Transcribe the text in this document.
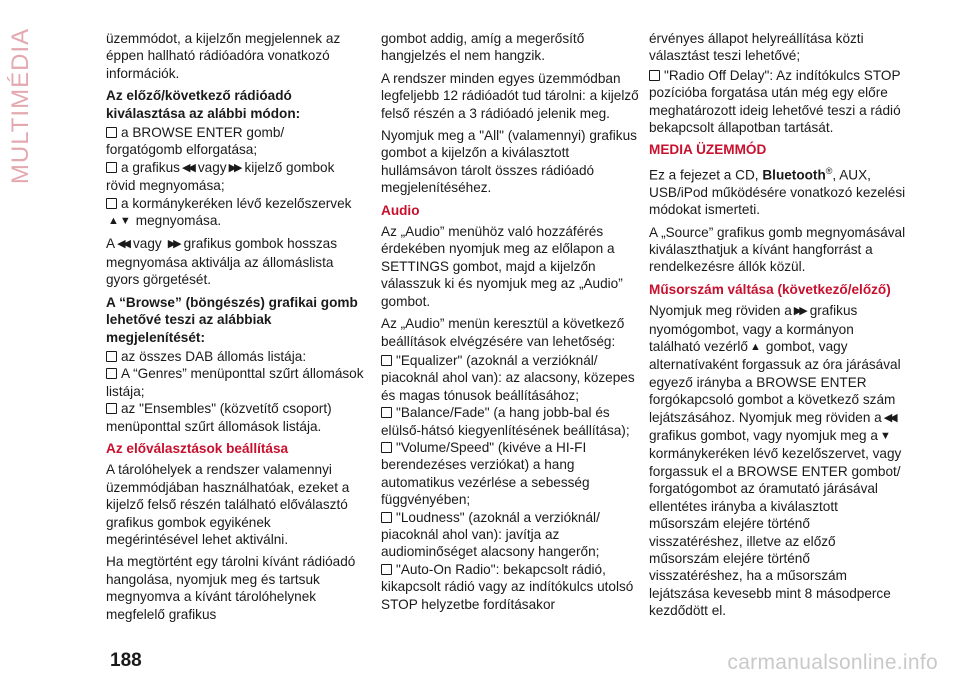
MULTIMÉDIA	üzemmódot, a kijelzőn megjelennek az éppen hallható rádióadóra vonatkozó információk.

Az előző/következő rádióadó kiválasztása az alábbi módon:

a BROWSE ENTER gomb/ forgatógomb elforgatása;
a grafikus ◀◀ vagy ▶▶ kijelző gombok rövid megnyomása;
a kormánykeréken lévő kezelőszervek
▲▼ megnyomása.

A ◀◀ vagy ▶▶ grafikus gombok hosszas megnyomása aktiválja az állomáslista gyors görgetését.

A “Browse” (böngészés) grafikai gomb lehetővé teszi az alábbiak megjelenítését:

az összes DAB állomás listája:
A “Genres” menüponttal szűrt állomások listája;
az "Ensembles" (közvetítő csoport) menüponttal szűrt állomások listája.

Az előválasztások beállítása

A tárolóhelyek a rendszer valamennyi üzemmódjában használhatóak, ezeket a kijelző felső részén található előválasztó grafikus gombok egyikének megérintésével lehet aktiválni.

Ha megtörtént egy tárolni kívánt rádióadó hangolása, nyomjuk meg és tartsuk megnyomva a kívánt tárolóhelynek megfelelő grafikus

gombot addig, amíg a megerősítő hangjelzés el nem hangzik.

A rendszer minden egyes üzemmódban legfeljebb 12 rádióadót tud tárolni: a kijelző felső részén a 3 rádióadó jelenik meg.

Nyomjuk meg a "All" (valamennyi) grafikus gombot a kijelzőn a kiválasztott hullámsávon tárolt összes rádióadó megjelenítéséhez.

Audio

Az „Audio” menühöz való hozzáférés érdekében nyomjuk meg az előlapon a SETTINGS gombot, majd a kijelzőn válasszuk ki és nyomjuk meg az „Audio” gombot.

Az „Audio” menün keresztül a következő beállítások elvégzésére van lehetőség:

"Equalizer" (azoknál a verzióknál/ piacoknál ahol van): az alacsony, közepes és magas tónusok beállításához;
"Balance/Fade" (a hang jobb-bal és elülső-hátsó kiegyenlítésének beállítása);
"Volume/Speed" (kivéve a HI-FI berendezéses verziókat) a hang automatikus vezérlése a sebesség függvényében;
"Loudness" (azoknál a verzióknál/ piacoknál ahol van): javítja az audiominőséget alacsony hangerőn;
"Auto-On Radio": bekapcsolt rádió, kikapcsolt rádió vagy az indítókulcs utolsó STOP helyzetbe fordításakor

érvényes állapot helyreállítása közti választást teszi lehetővé;

"Radio Off Delay": Az indítókulcs STOP pozícióba forgatása után még egy előre meghatározott ideig lehetővé teszi a rádió bekapcsolt állapotban tartását.

MEDIA ÜZEMMÓD

Ez a fejezet a CD, Bluetooth®, AUX, USB/iPod működésére vonatkozó kezelési módokat ismerteti.

A „Source” grafikus gomb megnyomásával kiválaszthatjuk a kívánt hangforrást a rendelkezésre állók közül.

Műsorszám váltása (következő/előző)

Nyomjuk meg röviden a ▶▶ grafikus nyomógombot, vagy a kormányon található vezérlő ▲ gombot, vagy alternatívaként forgassuk az óra járásával egyező irányba a BROWSE ENTER forgókapcsoló gombot a következő szám lejátszásához. Nyomjuk meg röviden a ◀◀grafikus gombot, vagy nyomjuk meg a ▼kormánykeréken lévő kezelőszervet, vagy forgassuk el a BROWSE ENTER gombot/ forgatógombot az óramutató járásával ellentétes irányba a kiválasztott műsorszám elejére történő visszatéréshez, illetve az előző műsorszám elejére történő visszatéréshez, ha a műsorszám lejátszása kevesebb mint 8 másodperce kezdődött el.

188	carmanualsonline.info
